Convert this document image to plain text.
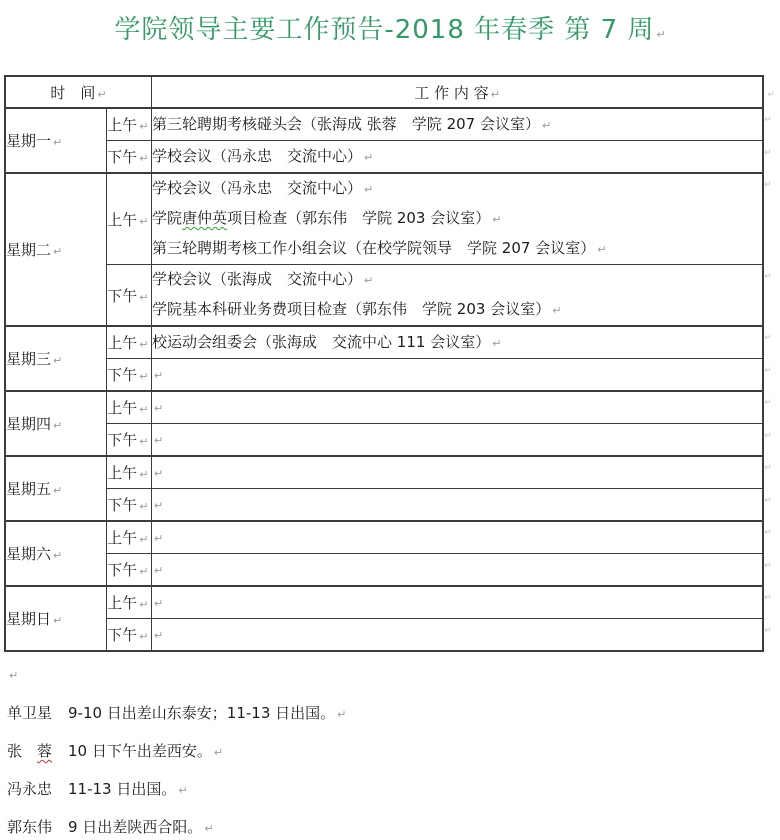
学院领导主要工作预告-2018 年春季 第 7 周 ↵
时　间 ↵		工 作 内 容 ↵	↵
星期一 ↵	上午 ↵	第三轮聘期考核碰头会（张海成 张蓉　学院 207 会议室） ↵	↵
	下午 ↵	学校会议（冯永忠　交流中心） ↵	↵
星期二 ↵	上午 ↵	学校会议（冯永忠　交流中心） ↵
学院唐仲英项目检查（郭东伟　学院 203 会议室） ↵
第三轮聘期考核工作小组会议（在校学院领导　学院 207 会议室） ↵	↵
	下午 ↵	学校会议（张海成　交流中心） ↵
学院基本科研业务费项目检查（郭东伟　学院 203 会议室） ↵	↵
星期三 ↵	上午 ↵	校运动会组委会（张海成　交流中心 111 会议室） ↵	↵
	下午 ↵	↵	↵
星期四 ↵	上午 ↵	↵	↵
	下午 ↵	↵	↵
星期五 ↵	上午 ↵	↵	↵
	下午 ↵	↵	↵
星期六 ↵	上午 ↵	↵	↵
	下午 ↵	↵	↵
星期日 ↵	上午 ↵	↵	↵
	下午 ↵	↵	↵
↵
单卫星 9-10 日出差山东泰安；11-13 日出国。 ↵
张　蓉 10 日下午出差西安。 ↵
冯永忠 11-13 日出国。 ↵
郭东伟 9 日出差陕西合阳。 ↵
